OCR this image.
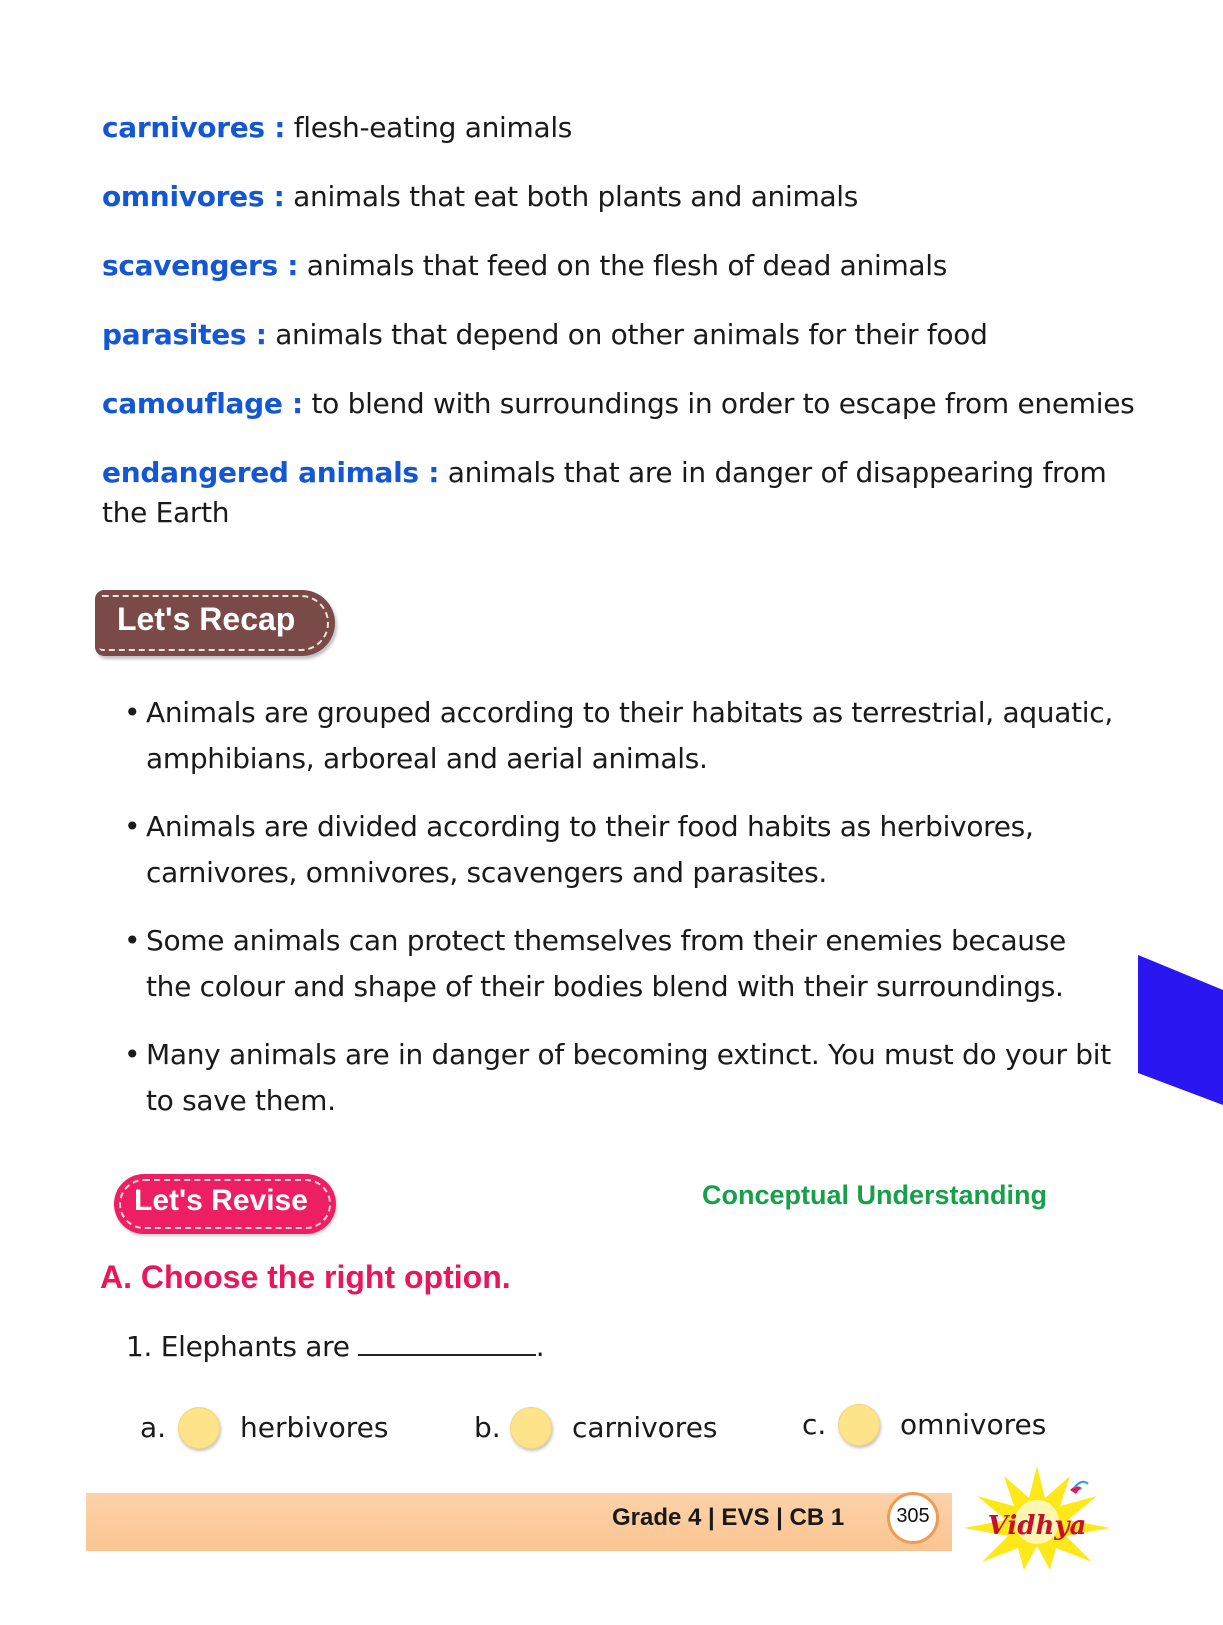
carnivores : flesh-eating animals
omnivores : animals that eat both plants and animals
scavengers : animals that feed on the flesh of dead animals
parasites : animals that depend on other animals for their food
camouflage : to blend with surroundings in order to escape from enemies
endangered animals : animals that are in danger of disappearing from the Earth
Let's Recap
• Animals are grouped according to their habitats as terrestrial, aquatic, amphibians, arboreal and aerial animals.
• Animals are divided according to their food habits as herbivores, carnivores, omnivores, scavengers and parasites.
• Some animals can protect themselves from their enemies because the colour and shape of their bodies blend with their surroundings.
• Many animals are in danger of becoming extinct. You must do your bit to save them.
Let's Revise	Conceptual Understanding
A. Choose the right option.
1. Elephants are	.
a.	herbivores	b.	carnivores	c.	omnivores
Grade 4 | EVS | CB 1	305	Vidhya
